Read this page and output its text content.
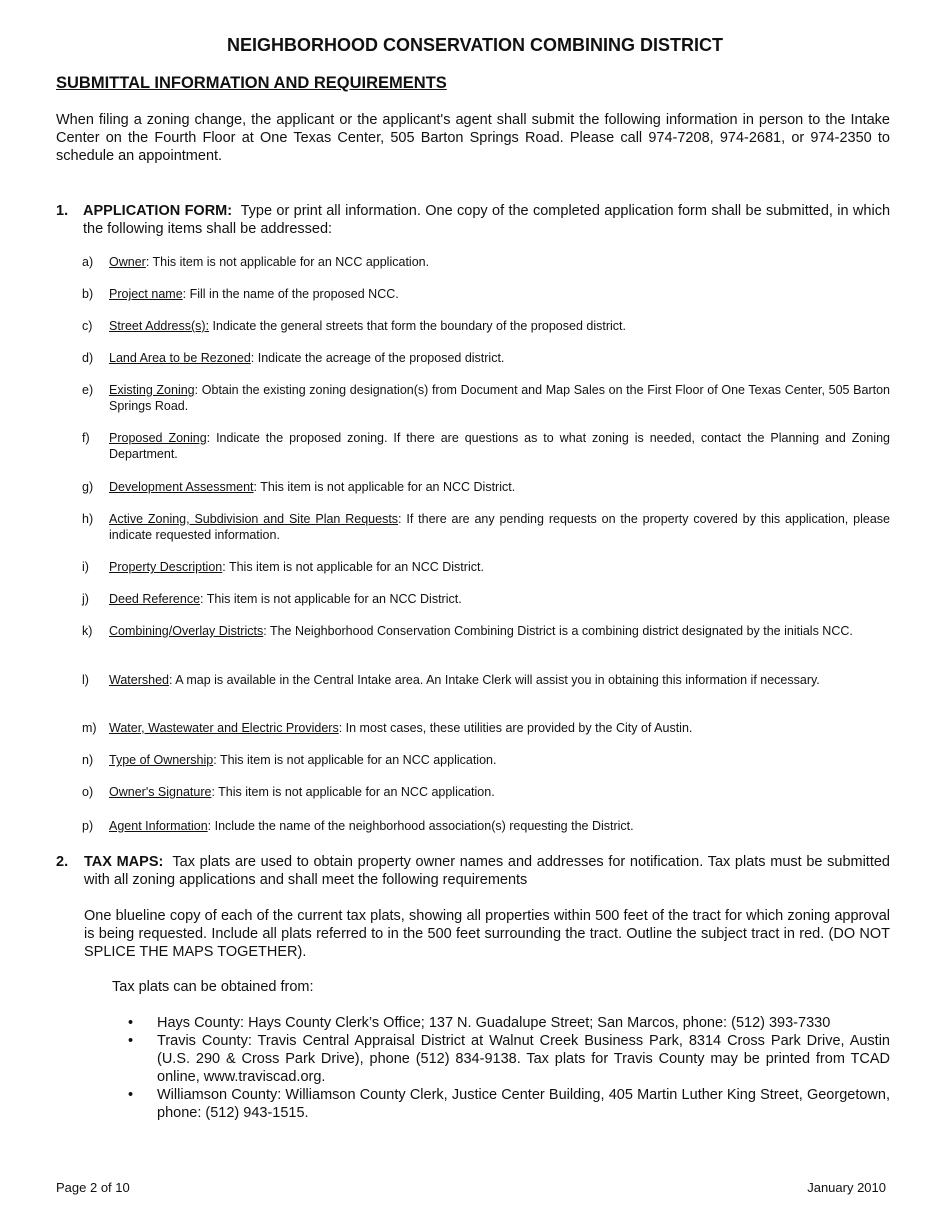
NEIGHBORHOOD CONSERVATION COMBINING DISTRICT
SUBMITTAL INFORMATION AND REQUIREMENTS

When filing a zoning change, the applicant or the applicant's agent shall submit the following information in person to the Intake Center on the Fourth Floor at One Texas Center, 505 Barton Springs Road. Please call 974-7208, 974-2681, or 974-2350 to schedule an appointment.

1. APPLICATION FORM: Type or print all information. One copy of the completed application form shall be submitted, in which the following items shall be addressed:
a) Owner: This item is not applicable for an NCC application.
b) Project name: Fill in the name of the proposed NCC.
c) Street Address(s): Indicate the general streets that form the boundary of the proposed district.
d) Land Area to be Rezoned: Indicate the acreage of the proposed district.
e) Existing Zoning: Obtain the existing zoning designation(s) from Document and Map Sales on the First Floor of One Texas Center, 505 Barton Springs Road.
f) Proposed Zoning: Indicate the proposed zoning. If there are questions as to what zoning is needed, contact the Planning and Zoning Department.
g) Development Assessment: This item is not applicable for an NCC District.
h) Active Zoning, Subdivision and Site Plan Requests: If there are any pending requests on the property covered by this application, please indicate requested information.
i) Property Description: This item is not applicable for an NCC District.
j) Deed Reference: This item is not applicable for an NCC District.
k) Combining/Overlay Districts: The Neighborhood Conservation Combining District is a combining district designated by the initials NCC.
l) Watershed: A map is available in the Central Intake area. An Intake Clerk will assist you in obtaining this information if necessary.
m) Water, Wastewater and Electric Providers: In most cases, these utilities are provided by the City of Austin.
n) Type of Ownership: This item is not applicable for an NCC application.
o) Owner's Signature: This item is not applicable for an NCC application.
p) Agent Information: Include the name of the neighborhood association(s) requesting the District.
2. TAX MAPS: Tax plats are used to obtain property owner names and addresses for notification. Tax plats must be submitted with all zoning applications and shall meet the following requirements

One blueline copy of each of the current tax plats, showing all properties within 500 feet of the tract for which zoning approval is being requested. Include all plats referred to in the 500 feet surrounding the tract. Outline the subject tract in red. (DO NOT SPLICE THE MAPS TOGETHER).

Tax plats can be obtained from:
• Hays County: Hays County Clerk’s Office; 137 N. Guadalupe Street; San Marcos, phone: (512) 393-7330
• Travis County: Travis Central Appraisal District at Walnut Creek Business Park, 8314 Cross Park Drive, Austin (U.S. 290 & Cross Park Drive), phone (512) 834-9138. Tax plats for Travis County may be printed from TCAD online, www.traviscad.org.
• Williamson County: Williamson County Clerk, Justice Center Building, 405 Martin Luther King Street, Georgetown, phone: (512) 943-1515.
Page 2 of 10	January 2010
